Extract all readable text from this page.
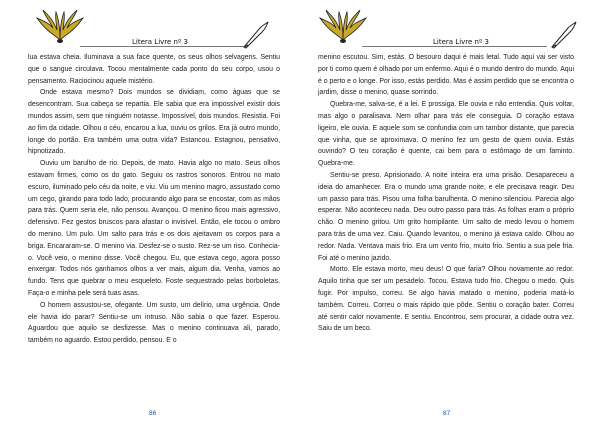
Litera Livre nº 3

lua estava cheia. Iluminava a sua face quente, os seus olhos selvagens. Sentiu que o sangue circulava. Tocou mentalmente cada ponto do seu corpo, usou o pensamento. Raciocinou aquele mistério.

Onde estava mesmo? Dois mundos se dividiam, como águas que se desencontram. Sua cabeça se repartia. Ele sabia que era impossível existir dois mundos assim, sem que ninguém notasse. Impossível, dois mundos. Resistia. Foi ao fim da cidade. Olhou o céu, encarou a lua, ouviu os grilos. Era já outro mundo, longe do portão. Era também uma outra vida? Estancou. Estagnou, pensativo, hipnotizado.

Ouviu um barulho de rio. Depois, de mato. Havia algo no mato. Seus olhos estavam firmes, como os do gato. Seguiu os rastros sonoros. Entrou no mato escuro, iluminado pelo céu da noite, e viu. Viu um menino magro, assustado como um cego, girando para todo lado, procurando algo para se encostar, com as mãos para trás. Quem seria ele, não pensou. Avançou. O menino ficou mais agressivo, defensivo. Fez gestos bruscos para afastar o invisível. Então, ele tocou o ombro do menino. Um pulo. Um salto para trás e os dois ajeitavam os corpos para a briga. Encararam-se. O menino via. Desfez-se o susto. Rez-se um riso. Conhecia-o. Você veio, o menino disse. Você chegou. Eu, que estava cego, agora posso enxergar. Todos nós ganhamos olhos a ver mais, algum dia. Venha, vamos ao fundo. Tens que quebrar o meu esqueleto. Foste sequestrado pelas borboletas. Faça-o e minha pele será tuas asas.

O homem assustou-se, ofegante. Um susto, um delírio, uma urgência. Onde ele havia ido parar? Sentiu-se um intruso. Não sabia o que fazer. Esperou. Aguardou que aquilo se desfizesse. Mas o menino continuava ali, parado, também no aguardo. Estou perdido, pensou. E o

86
Litera Livre nº 3

menino escutou. Sim, estás. O besouro daqui é mais letal. Tudo aqui vai ser visto por ti como quem é olhado por um enfermo. Aqui é o mundo dentro do mundo. Aqui é o perto e o longe. Por isso, estás perdido. Mas é assim perdido que se encontra o jardim, disse o menino, quase sorrindo.

Quebra-me, salva-se, é a lei. E prossiga. Ele ouvia e não entendia. Quis voltar, mas algo o paralisava. Nem olhar para trás ele conseguia. O coração estava ligeiro, ele ouvia. E aquele som se confundia com um tambor distante, que parecia que vinha, que se aproximava. O menino fez um gesto de quem ouvia. Estás ouvindo? O teu coração é quente, cai bem para o estômago de um faminto. Quebra-me.

Sentiu-se preso. Aprisionado. A noite inteira era uma prisão. Desapareceu a ideia do amanhecer. Era o mundo uma grande noite, e ele precisava reagir. Deu um passo para trás. Pisou uma folha barulhenta. O menino silenciou. Parecia algo esperar. Não aconteceu nada. Deu outro passo para trás. As folhas eram o próprio chão. O menino gritou. Um grito horripilante. Um salto de medo levou o homem para trás de uma vez. Caiu. Quando levantou, o menino já estava caído. Olhou ao redor. Nada. Ventava mais frio. Era um vento frio, muito frio. Sentiu a sua pele fria. Foi até o menino jazido.

Morto. Ele estava morto, meu deus! O que faria? Olhou novamente ao redor. Aquilo tinha que ser um pesadelo. Tocou. Estava tudo frio. Chegou o medo. Quis fugir. Por impulso, correu. Se algo havia matado o menino, poderia matá-lo também. Correu. Correu o mais rápido que pôde. Sentiu o coração bater. Correu até sentir calor novamente. E sentiu. Encontrou, sem procurar, a cidade outra vez. Saiu de um beco.

87
